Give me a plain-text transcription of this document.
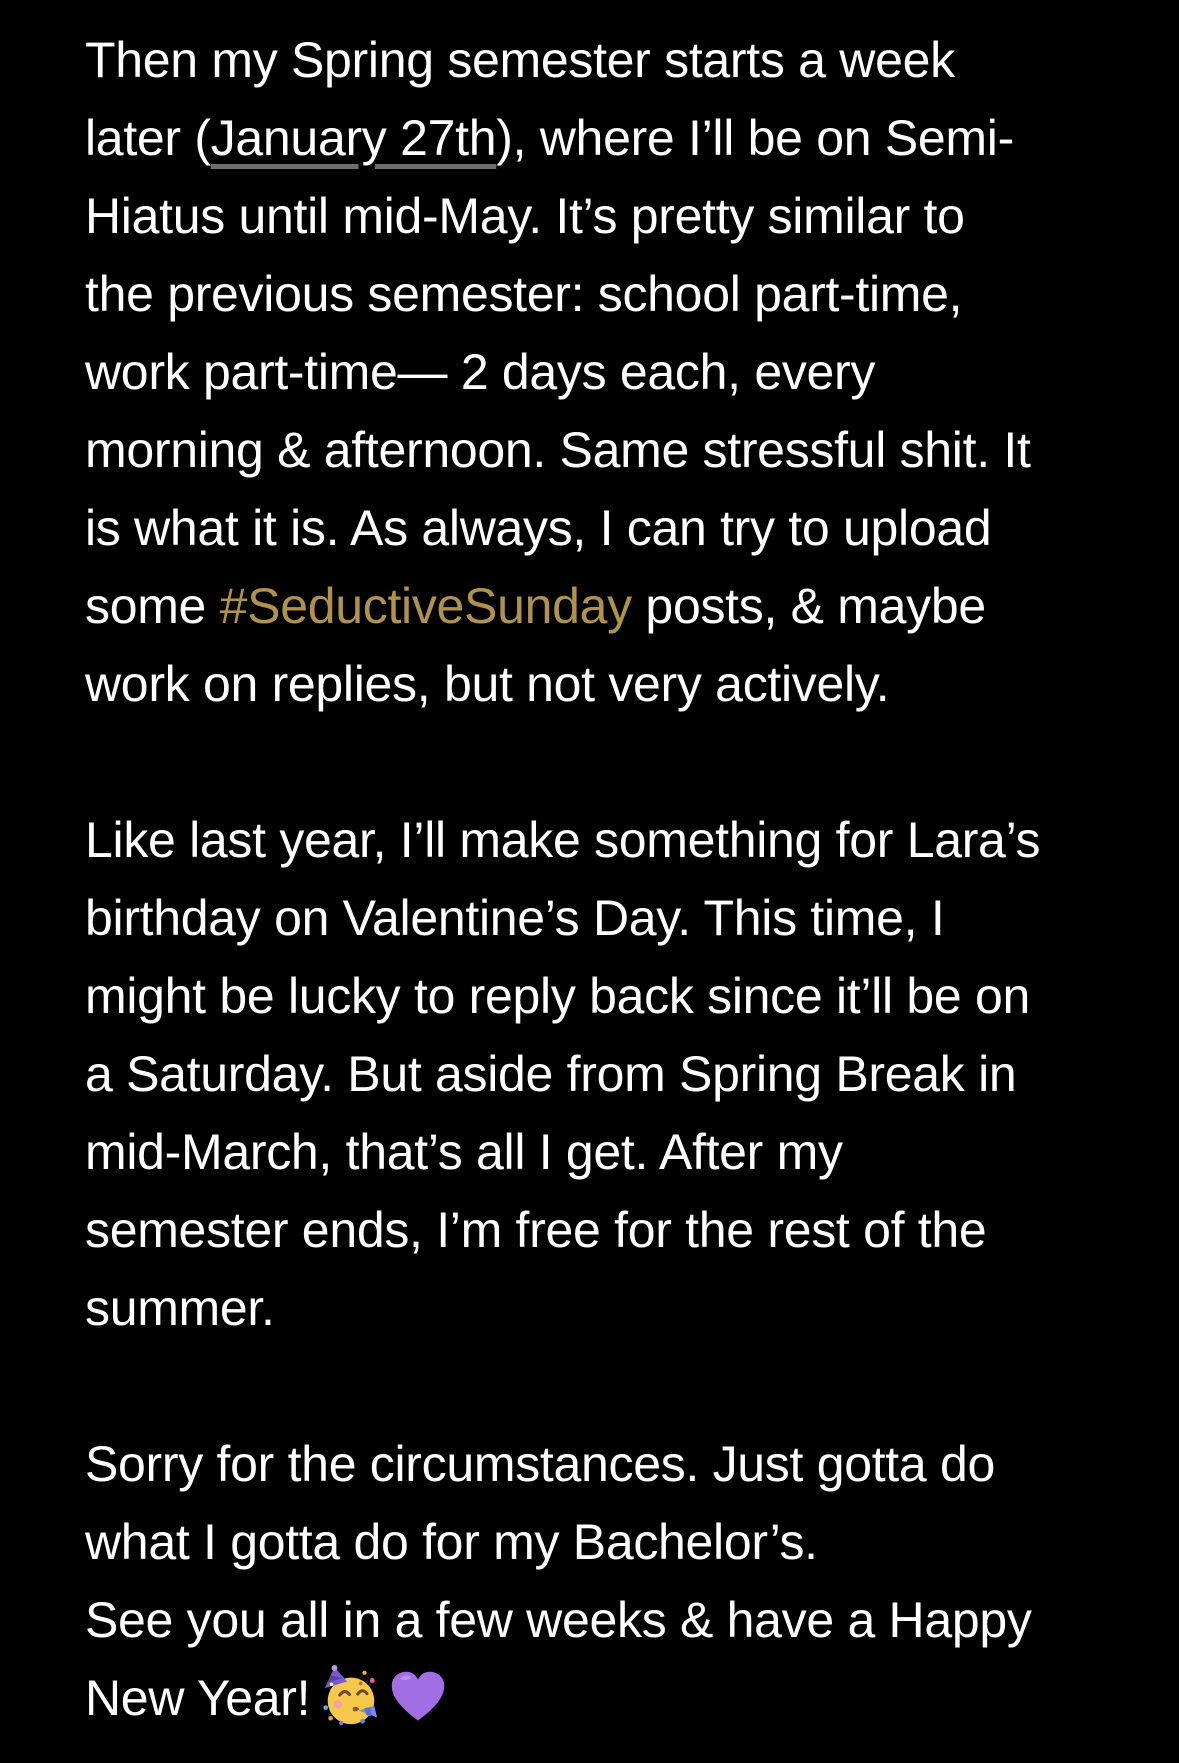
Then my Spring semester starts a week
later (January 27th), where I’ll be on Semi-
Hiatus until mid-May. It’s pretty similar to
the previous semester: school part-time,
work part-time— 2 days each, every
morning & afternoon. Same stressful shit. It
is what it is. As always, I can try to upload
some #SeductiveSunday posts, & maybe
work on replies, but not very actively.
Like last year, I’ll make something for Lara’s
birthday on Valentine’s Day. This time, I
might be lucky to reply back since it’ll be on
a Saturday. But aside from Spring Break in
mid-March, that’s all I get. After my
semester ends, I’m free for the rest of the
summer.
Sorry for the circumstances. Just gotta do
what I gotta do for my Bachelor’s.
See you all in a few weeks & have a Happy
New Year!
